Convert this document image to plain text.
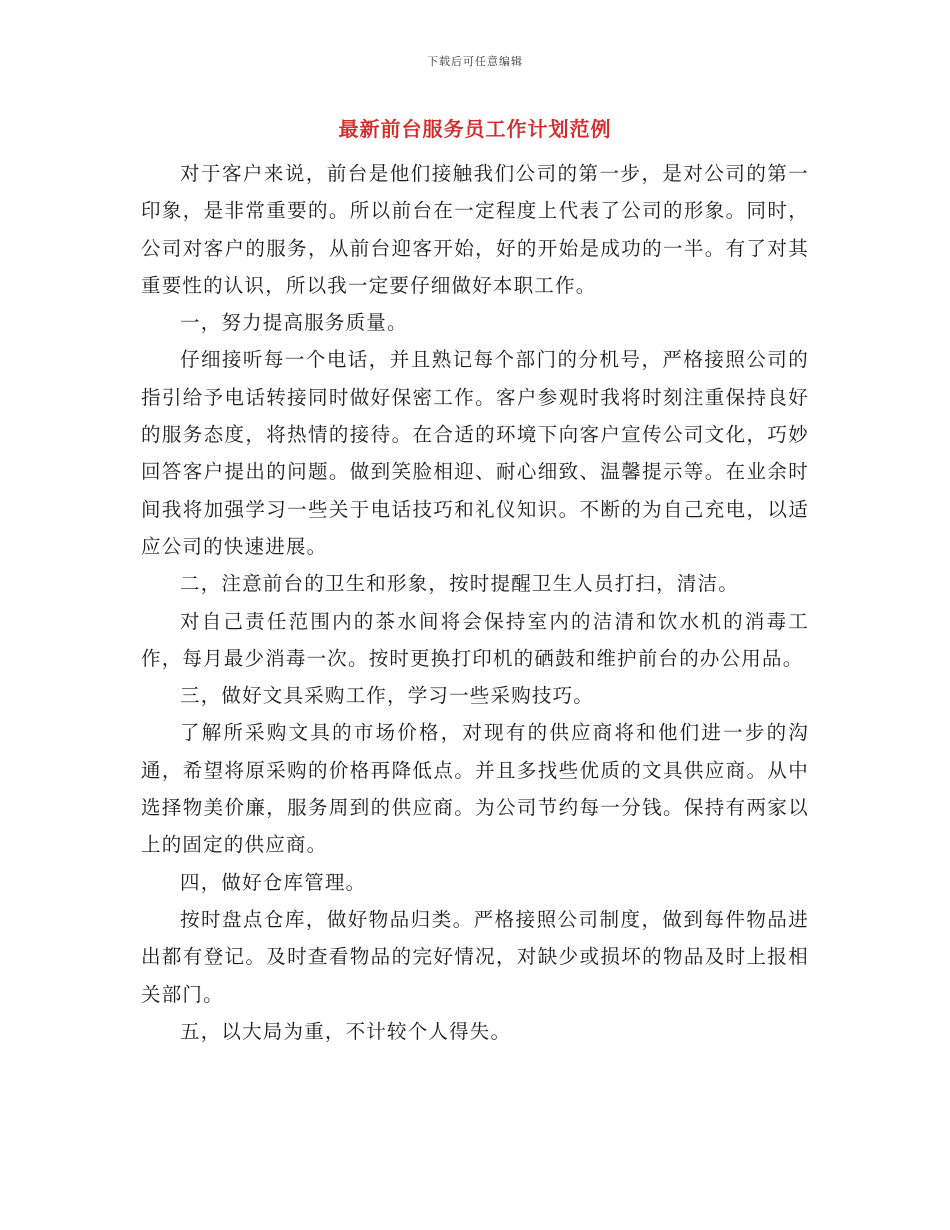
下载后可任意编辑
最新前台服务员工作计划范例

对于客户来说，前台是他们接触我们公司的第一步，是对公司的第一印象，是非常重要的。所以前台在一定程度上代表了公司的形象。同时，公司对客户的服务，从前台迎客开始，好的开始是成功的一半。有了对其重要性的认识，所以我一定要仔细做好本职工作。

一，努力提高服务质量。

仔细接听每一个电话，并且熟记每个部门的分机号，严格接照公司的指引给予电话转接同时做好保密工作。客户参观时我将时刻注重保持良好的服务态度，将热情的接待。在合适的环境下向客户宣传公司文化，巧妙回答客户提出的问题。做到笑脸相迎、耐心细致、温馨提示等。在业余时间我将加强学习一些关于电话技巧和礼仪知识。不断的为自己充电，以适应公司的快速进展。

二，注意前台的卫生和形象，按时提醒卫生人员打扫，清洁。

对自己责任范围内的茶水间将会保持室内的洁清和饮水机的消毒工作，每月最少消毒一次。按时更换打印机的硒鼓和维护前台的办公用品。

三，做好文具采购工作，学习一些采购技巧。

了解所采购文具的市场价格，对现有的供应商将和他们进一步的沟通，希望将原采购的价格再降低点。并且多找些优质的文具供应商。从中选择物美价廉，服务周到的供应商。为公司节约每一分钱。保持有两家以上的固定的供应商。

四，做好仓库管理。

按时盘点仓库，做好物品归类。严格接照公司制度，做到每件物品进出都有登记。及时查看物品的完好情况，对缺少或损坏的物品及时上报相关部门。

五，以大局为重，不计较个人得失。
